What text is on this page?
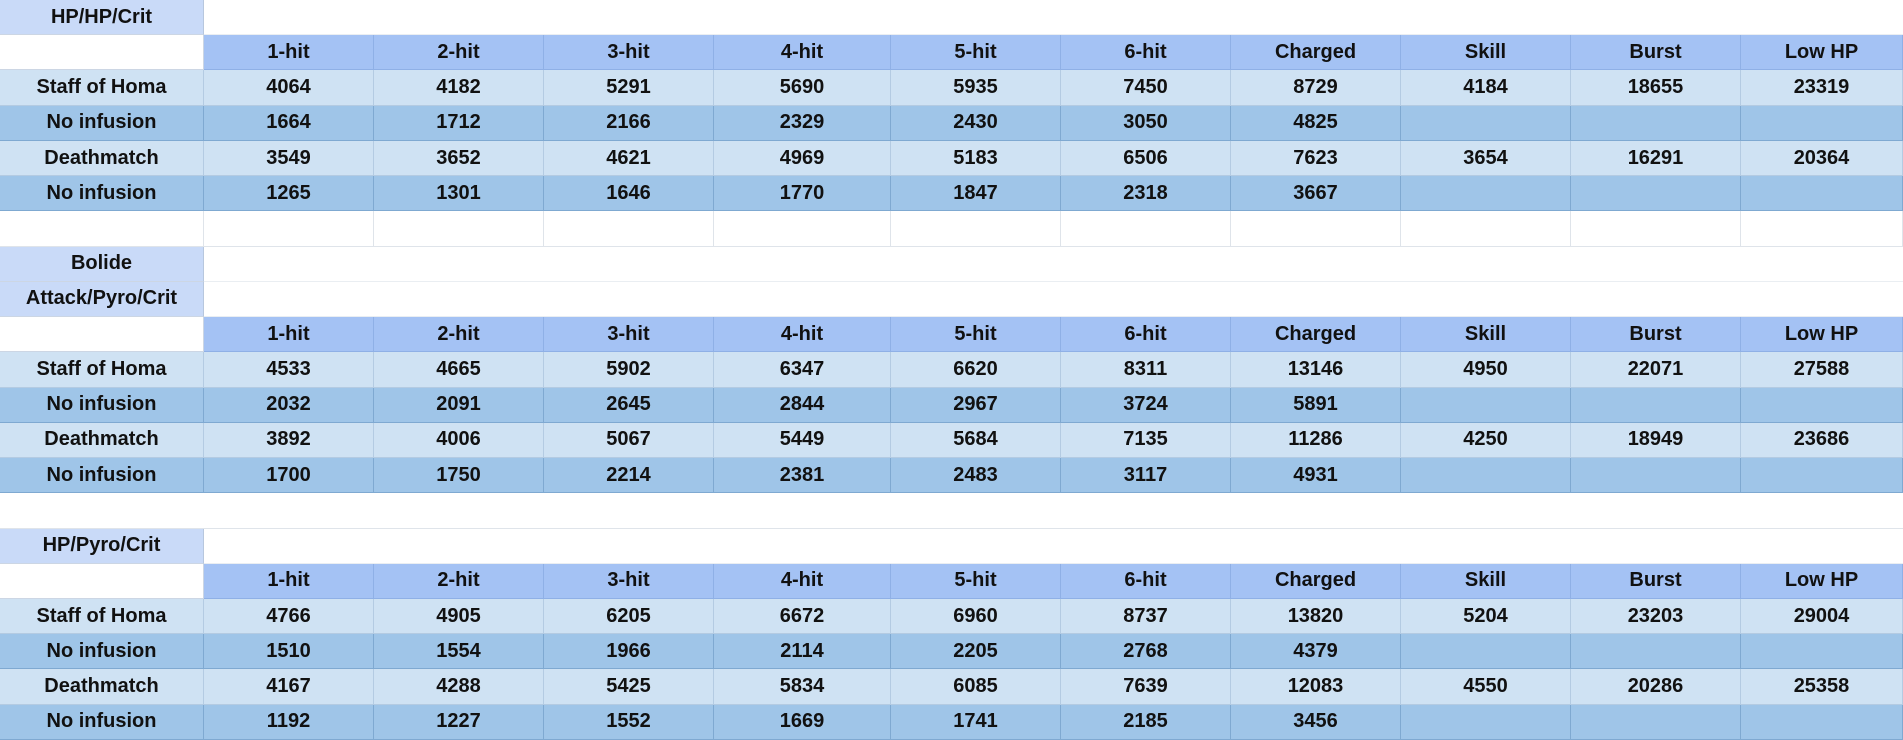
HP/HP/Crit
1-hit	2-hit	3-hit	4-hit	5-hit	6-hit	Charged	Skill	Burst	Low HP
Staff of Homa	4064	4182	5291	5690	5935	7450	8729	4184	18655	23319
No infusion	1664	1712	2166	2329	2430	3050	4825
Deathmatch	3549	3652	4621	4969	5183	6506	7623	3654	16291	20364
No infusion	1265	1301	1646	1770	1847	2318	3667
Bolide
Attack/Pyro/Crit
1-hit	2-hit	3-hit	4-hit	5-hit	6-hit	Charged	Skill	Burst	Low HP
Staff of Homa	4533	4665	5902	6347	6620	8311	13146	4950	22071	27588
No infusion	2032	2091	2645	2844	2967	3724	5891
Deathmatch	3892	4006	5067	5449	5684	7135	11286	4250	18949	23686
No infusion	1700	1750	2214	2381	2483	3117	4931
HP/Pyro/Crit
1-hit	2-hit	3-hit	4-hit	5-hit	6-hit	Charged	Skill	Burst	Low HP
Staff of Homa	4766	4905	6205	6672	6960	8737	13820	5204	23203	29004
No infusion	1510	1554	1966	2114	2205	2768	4379
Deathmatch	4167	4288	5425	5834	6085	7639	12083	4550	20286	25358
No infusion	1192	1227	1552	1669	1741	2185	3456
